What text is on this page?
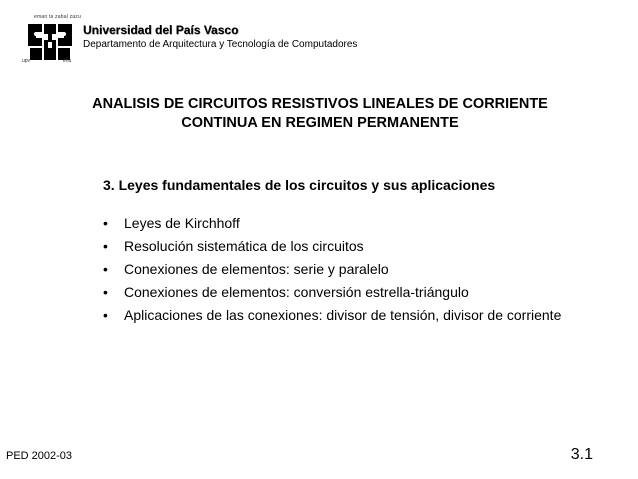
eman ta zabal zazu
upv	ehu
Universidad del País Vasco
Departamento de Arquitectura y Tecnología de Computadores
ANALISIS DE CIRCUITOS RESISTIVOS LINEALES DE CORRIENTE
CONTINUA EN REGIMEN PERMANENTE
3. Leyes fundamentales de los circuitos y sus aplicaciones
• Leyes de Kirchhoff
• Resolución sistemática de los circuitos
• Conexiones de elementos: serie y paralelo
• Conexiones de elementos: conversión estrella-triángulo
• Aplicaciones de las conexiones: divisor de tensión, divisor de corriente
PED 2002-03	3.1
